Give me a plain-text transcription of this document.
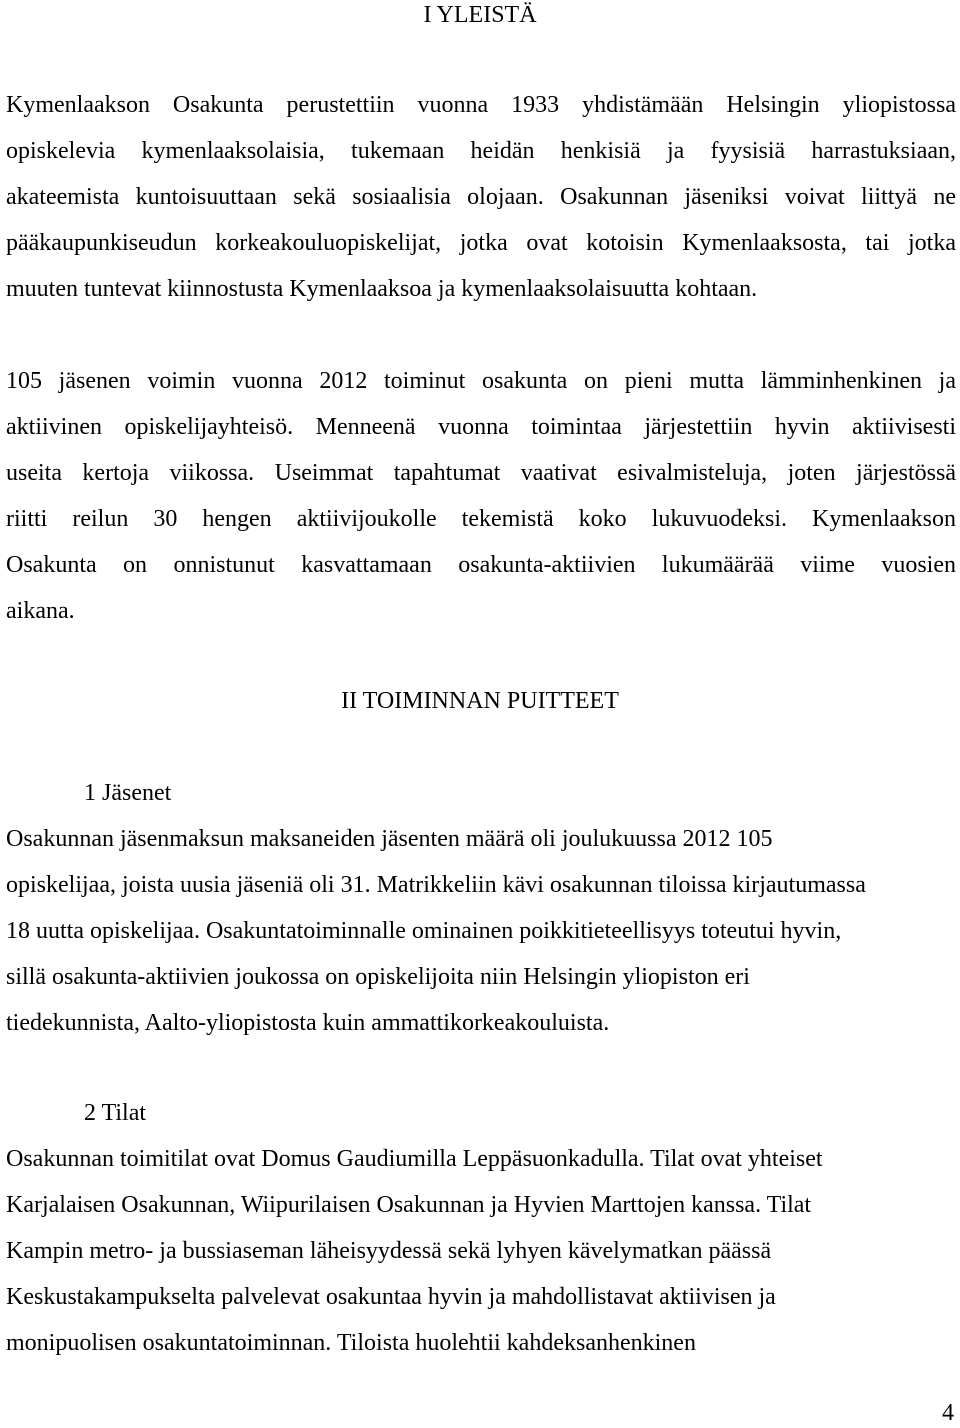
I YLEISTÄ
Kymenlaakson Osakunta perustettiin vuonna 1933 yhdistämään Helsingin yliopistossa
opiskelevia kymenlaaksolaisia, tukemaan heidän henkisiä ja fyysisiä harrastuksiaan,
akateemista kuntoisuuttaan sekä sosiaalisia olojaan. Osakunnan jäseniksi voivat liittyä ne
pääkaupunkiseudun korkeakouluopiskelijat, jotka ovat kotoisin Kymenlaaksosta, tai jotka
muuten tuntevat kiinnostusta Kymenlaaksoa ja kymenlaaksolaisuutta kohtaan.
105 jäsenen voimin vuonna 2012 toiminut osakunta on pieni mutta lämminhenkinen ja
aktiivinen opiskelijayhteisö. Menneenä vuonna toimintaa järjestettiin hyvin aktiivisesti
useita kertoja viikossa. Useimmat tapahtumat vaativat esivalmisteluja, joten järjestössä
riitti reilun 30 hengen aktiivijoukolle tekemistä koko lukuvuodeksi. Kymenlaakson
Osakunta on onnistunut kasvattamaan osakunta-aktiivien lukumäärää viime vuosien
aikana.
II TOIMINNAN PUITTEET
1 Jäsenet
Osakunnan jäsenmaksun maksaneiden jäsenten määrä oli joulukuussa 2012 105
opiskelijaa, joista uusia jäseniä oli 31. Matrikkeliin kävi osakunnan tiloissa kirjautumassa
18 uutta opiskelijaa. Osakuntatoiminnalle ominainen poikkitieteellisyys toteutui hyvin,
sillä osakunta-aktiivien joukossa on opiskelijoita niin Helsingin yliopiston eri
tiedekunnista, Aalto-yliopistosta kuin ammattikorkeakouluista.
2 Tilat
Osakunnan toimitilat ovat Domus Gaudiumilla Leppäsuonkadulla. Tilat ovat yhteiset
Karjalaisen Osakunnan, Wiipurilaisen Osakunnan ja Hyvien Marttojen kanssa. Tilat
Kampin metro- ja bussiaseman läheisyydessä sekä lyhyen kävelymatkan päässä
Keskustakampukselta palvelevat osakuntaa hyvin ja mahdollistavat aktiivisen ja
monipuolisen osakuntatoiminnan. Tiloista huolehtii kahdeksanhenkinen
4
